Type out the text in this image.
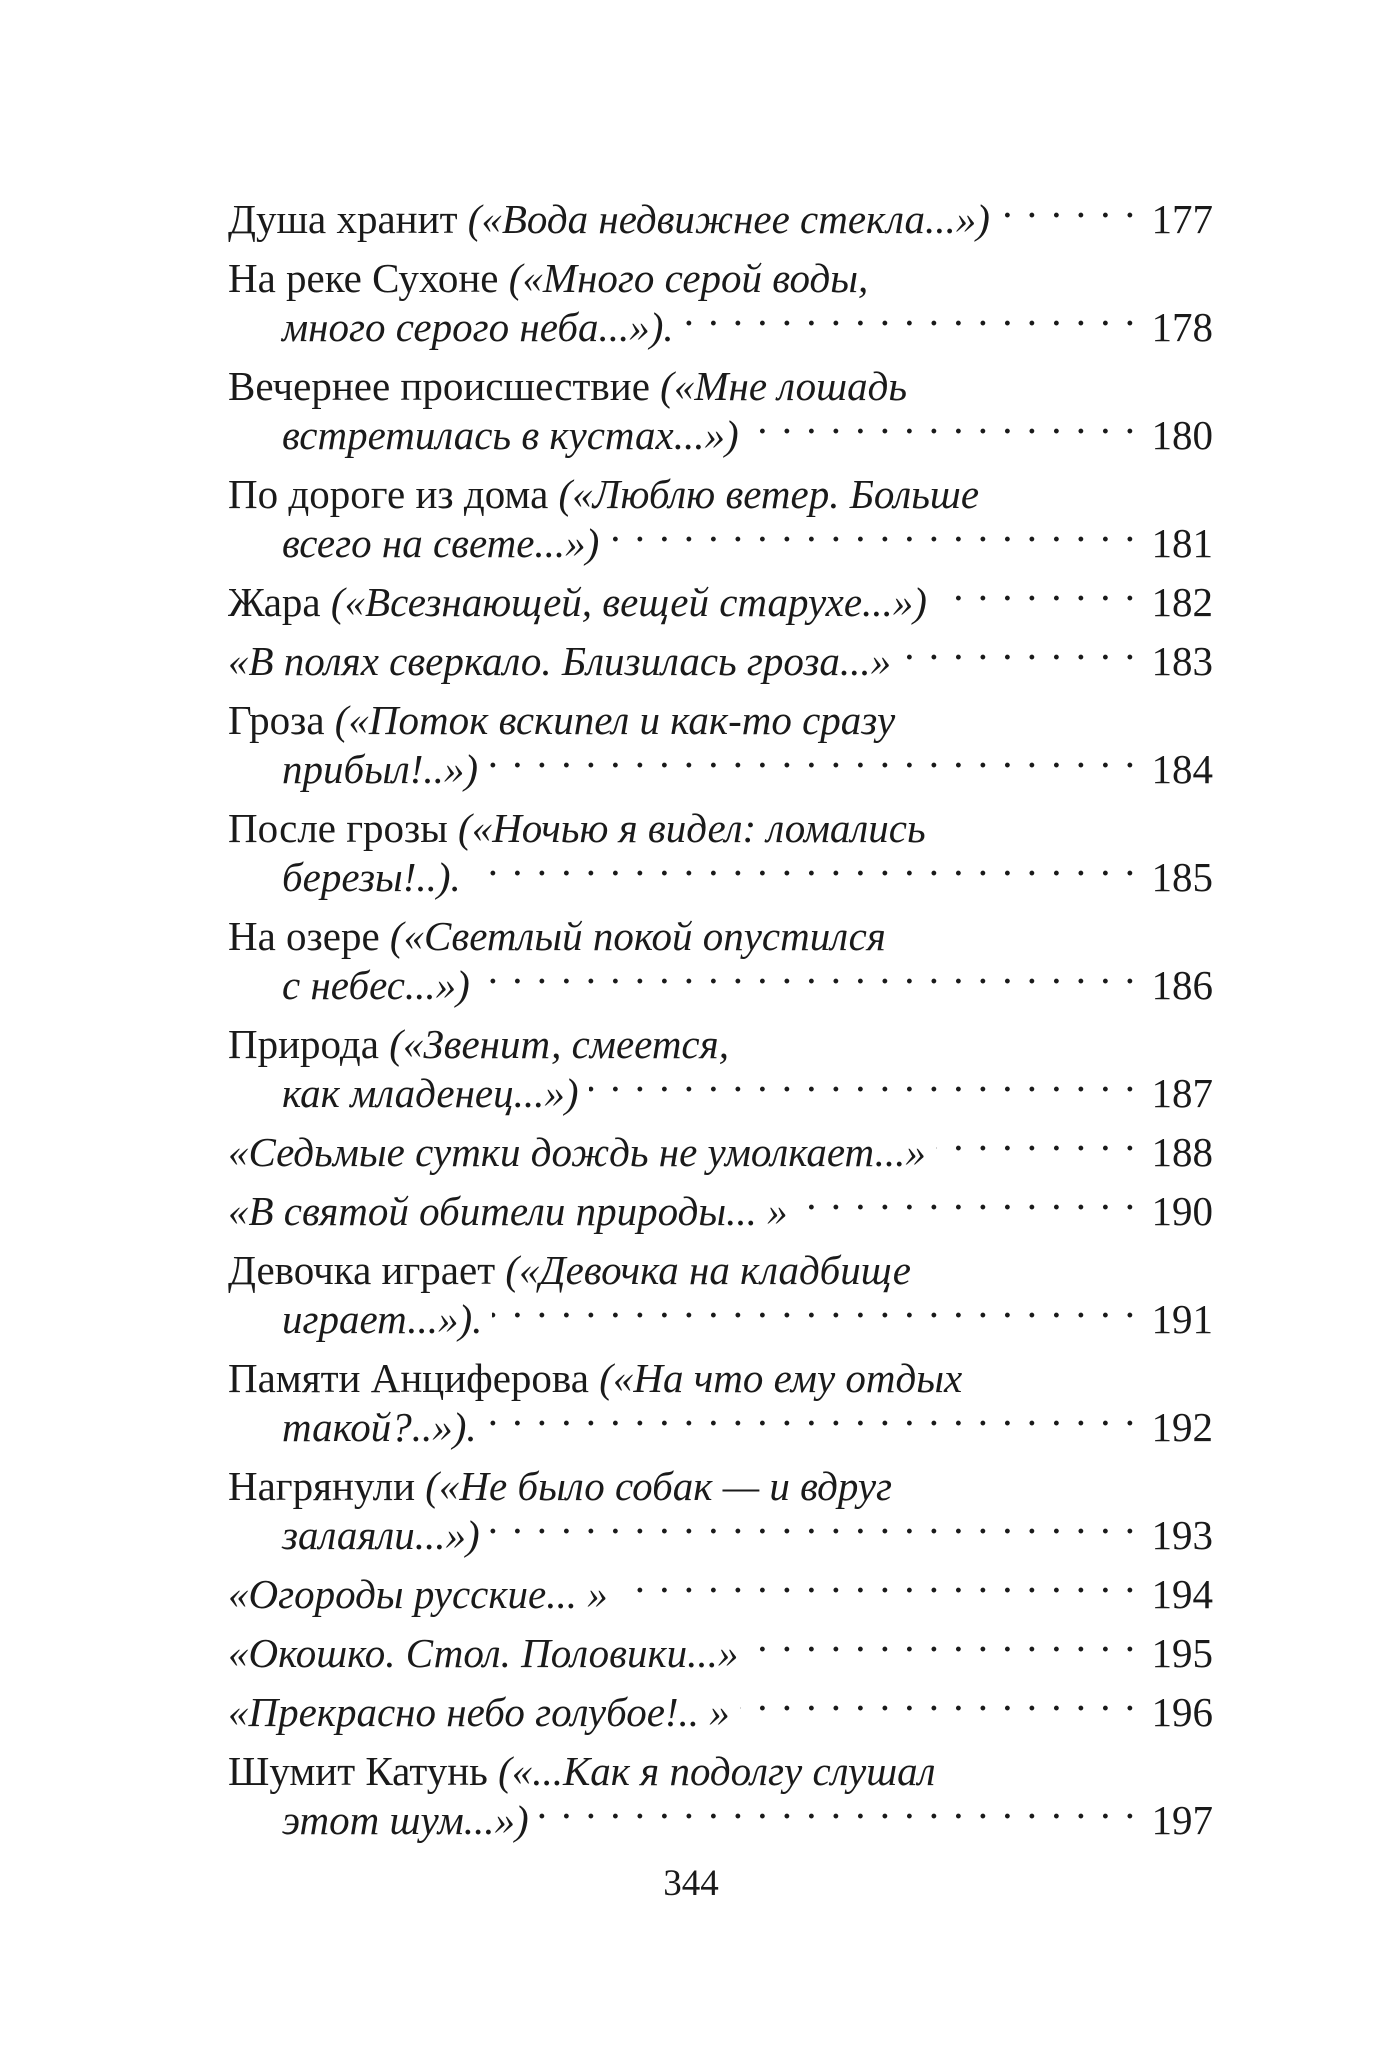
Душа хранит («Вода недвижнее стекла...») . . .	177
На реке Сухоне («Много серой воды,
много серого неба...»). . . .	178
Вечернее происшествие («Мне лошадь
встретилась в кустах...») . . .	180
По дороге из дома («Люблю ветер. Больше
всего на свете...») . . .	181
Жара («Всезнающей, вещей старухе...») . . .	182
«В полях сверкало. Близилась гроза...» . . .	183
Гроза («Поток вскипел и как-то сразу
прибыл!..») . . .	184
После грозы («Ночью я видел: ломались
березы!..). . . .	185
На озере («Светлый покой опустился
с небес...») . . .	186
Природа («Звенит, смеется,
как младенец...») . . .	187
«Седьмые сутки дождь не умолкает...» . . .	188
«В святой обители природы... » . . .	190
Девочка играет («Девочка на кладбище
играет...»). . . .	191
Памяти Анциферова («На что ему отдых
такой?..»). . . .	192
Нагрянули («Не было собак — и вдруг
залаяли...») . . .	193
«Огороды русские... » . . .	194
«Окошко. Стол. Половики...» . . .	195
«Прекрасно небо голубое!.. » . . .	196
Шумит Катунь («...Как я подолгу слушал
этот шум...») . . .	197
344
